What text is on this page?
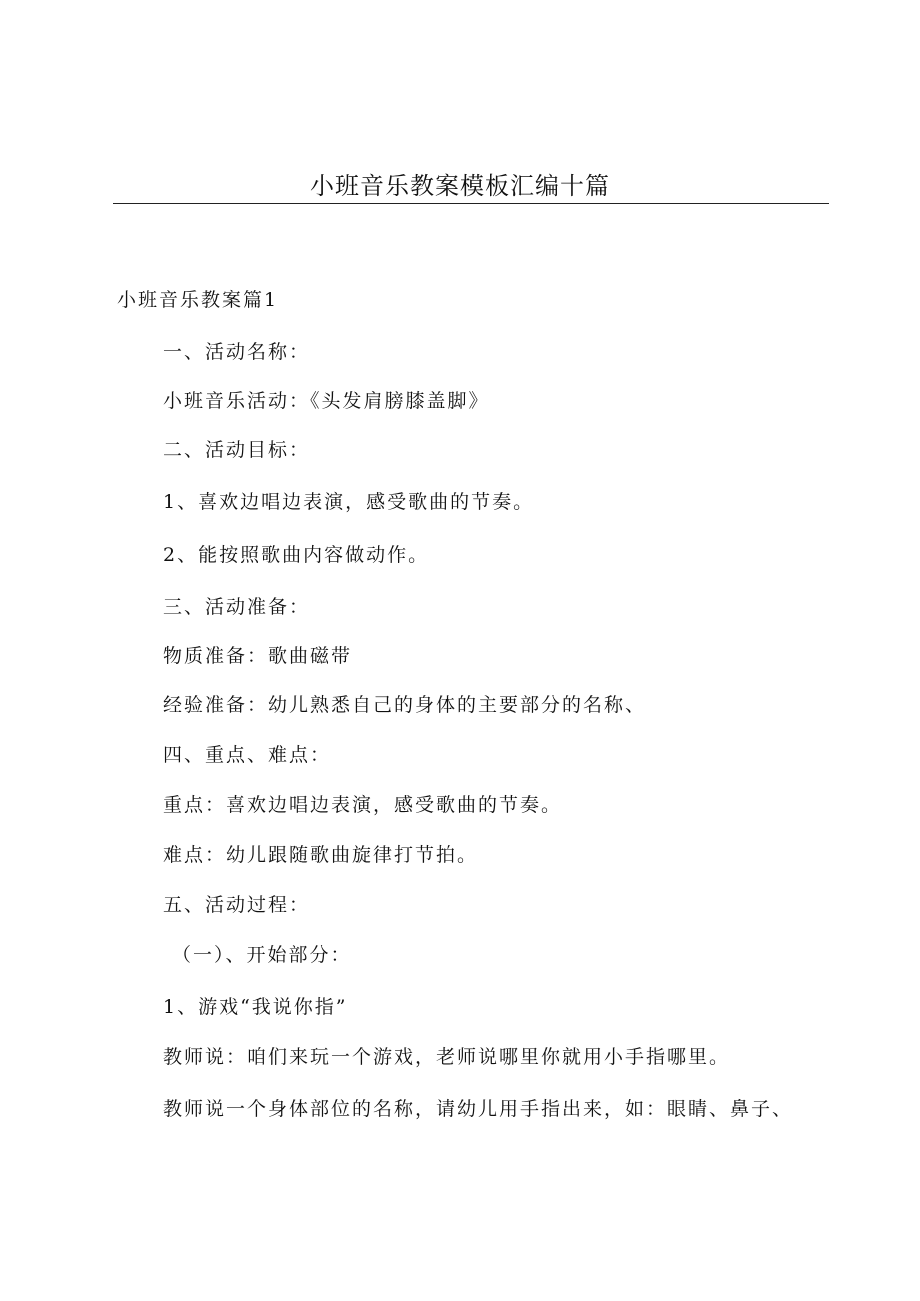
小班音乐教案模板汇编十篇
小班音乐教案篇1
一、活动名称：
小班音乐活动：《头发肩膀膝盖脚》
二、活动目标：
1、喜欢边唱边表演，感受歌曲的节奏。
2、能按照歌曲内容做动作。
三、活动准备：
物质准备：歌曲磁带
经验准备：幼儿熟悉自己的身体的主要部分的名称、
四、重点、难点：
重点：喜欢边唱边表演，感受歌曲的节奏。
难点：幼儿跟随歌曲旋律打节拍。
五、活动过程：
（一）、开始部分：
1、游戏“我说你指”
教师说：咱们来玩一个游戏，老师说哪里你就用小手指哪里。
教师说一个身体部位的名称，请幼儿用手指出来，如：眼睛、鼻子、
